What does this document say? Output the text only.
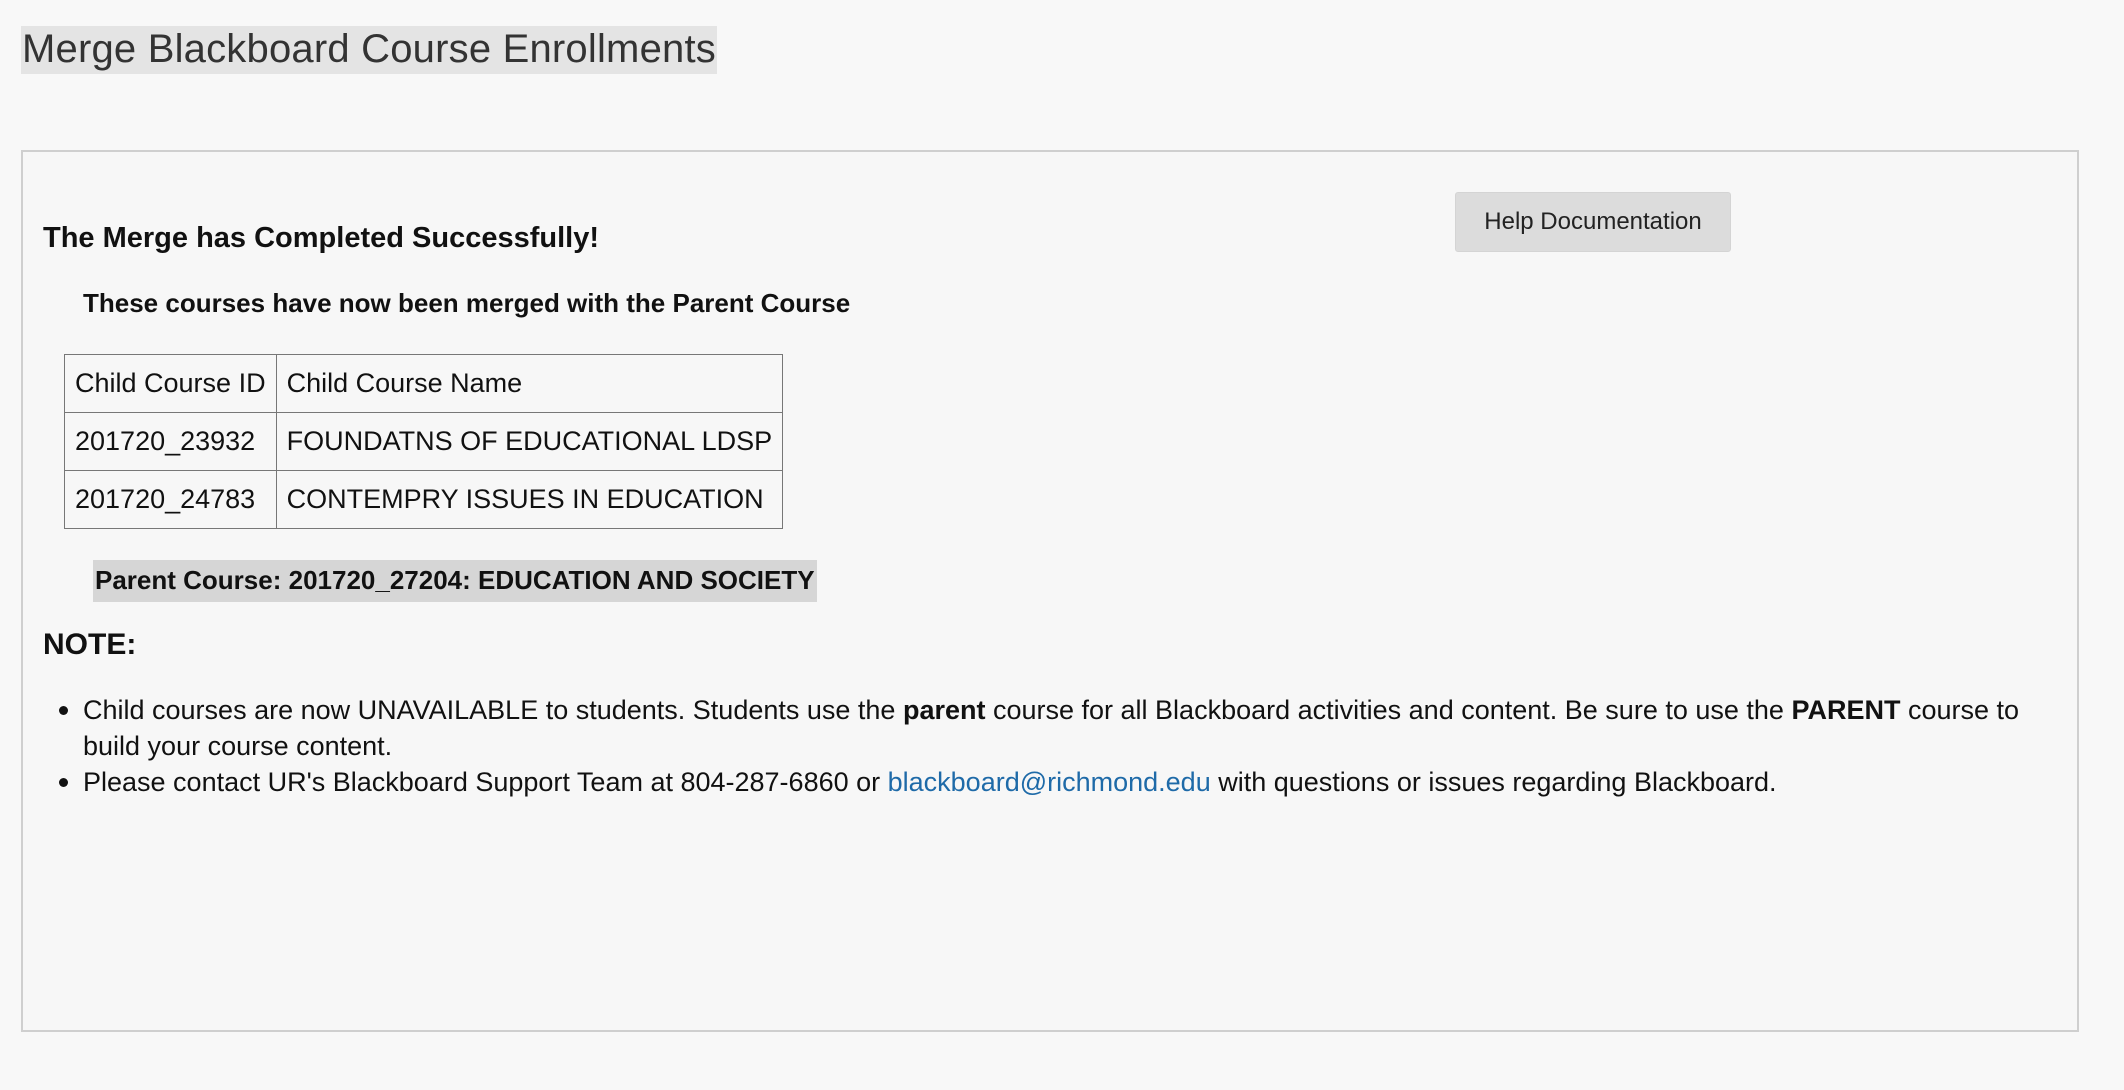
Merge Blackboard Course Enrollments
Help Documentation
The Merge has Completed Successfully!
These courses have now been merged with the Parent Course
Child Course ID	Child Course Name
201720_23932	FOUNDATNS OF EDUCATIONAL LDSP
201720_24783	CONTEMPRY ISSUES IN EDUCATION
Parent Course: 201720_27204: EDUCATION AND SOCIETY
NOTE:
Child courses are now UNAVAILABLE to students. Students use the parent course for all Blackboard activities and content. Be sure to use the PARENT course to build your course content.
Please contact UR's Blackboard Support Team at 804-287-6860 or blackboard@richmond.edu with questions or issues regarding Blackboard.
